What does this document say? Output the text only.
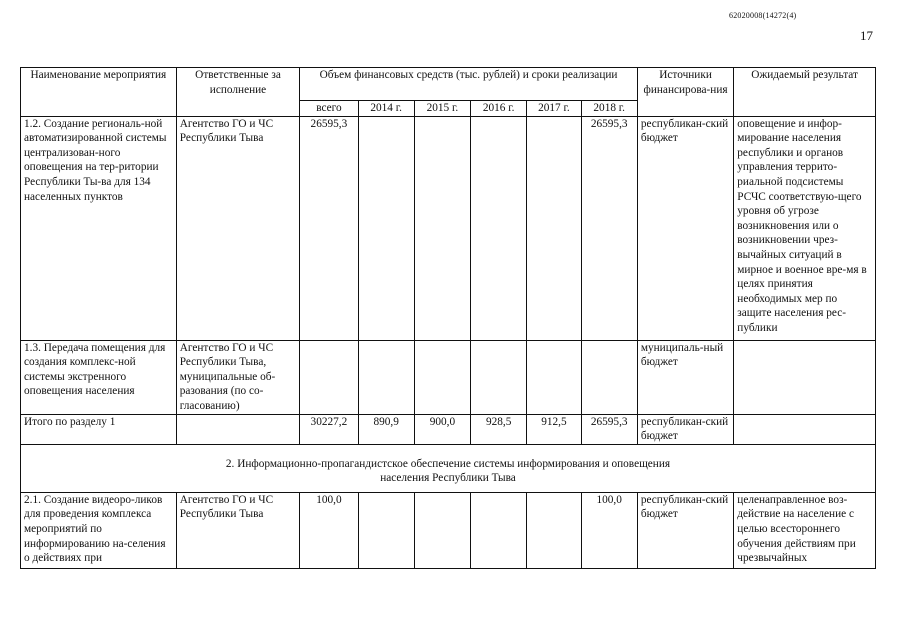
62020008(14272(4)
17
Наименование мероприятия	Ответственные за исполнение	Объем финансовых средств (тыс. рублей) и сроки реализации						Источники финансирова-ния	Ожидаемый результат
		всего	2014 г.	2015 г.	2016 г.	2017 г.	2018 г.		
1.2. Создание региональ-ной автоматизированной системы централизован-ного оповещения на тер-ритории Республики Ты-ва для 134 населенных пунктов	Агентство ГО и ЧС Республики Тыва	26595,3					26595,3	республикан-ский бюджет	оповещение и инфор-мирование населения республики и органов управления террито-риальной подсистемы РСЧС соответствую-щего уровня об угрозе возникновения или о возникновении чрез-вычайных ситуаций в мирное и военное вре-мя в целях принятия необходимых мер по защите населения рес-публики
1.3. Передача помещения для создания комплекс-ной системы экстренного оповещения населения	Агентство ГО и ЧС Республики Тыва, муниципальные об-разования (по со-гласованию)							муниципаль-ный бюджет	
Итого по разделу 1		30227,2	890,9	900,0	928,5	912,5	26595,3	республикан-ский бюджет	

2. Информационно-пропагандистское обеспечение системы информирования и оповещения населения Республики Тыва									

2.1. Создание видеоро-ликов для проведения комплекса мероприятий по информированию на-селения о действиях при	Агентство ГО и ЧС Республики Тыва	100,0					100,0	республикан-ский бюджет	целенаправленное воз-действие на население с целью всестороннего обучения действиям при чрезвычайных
